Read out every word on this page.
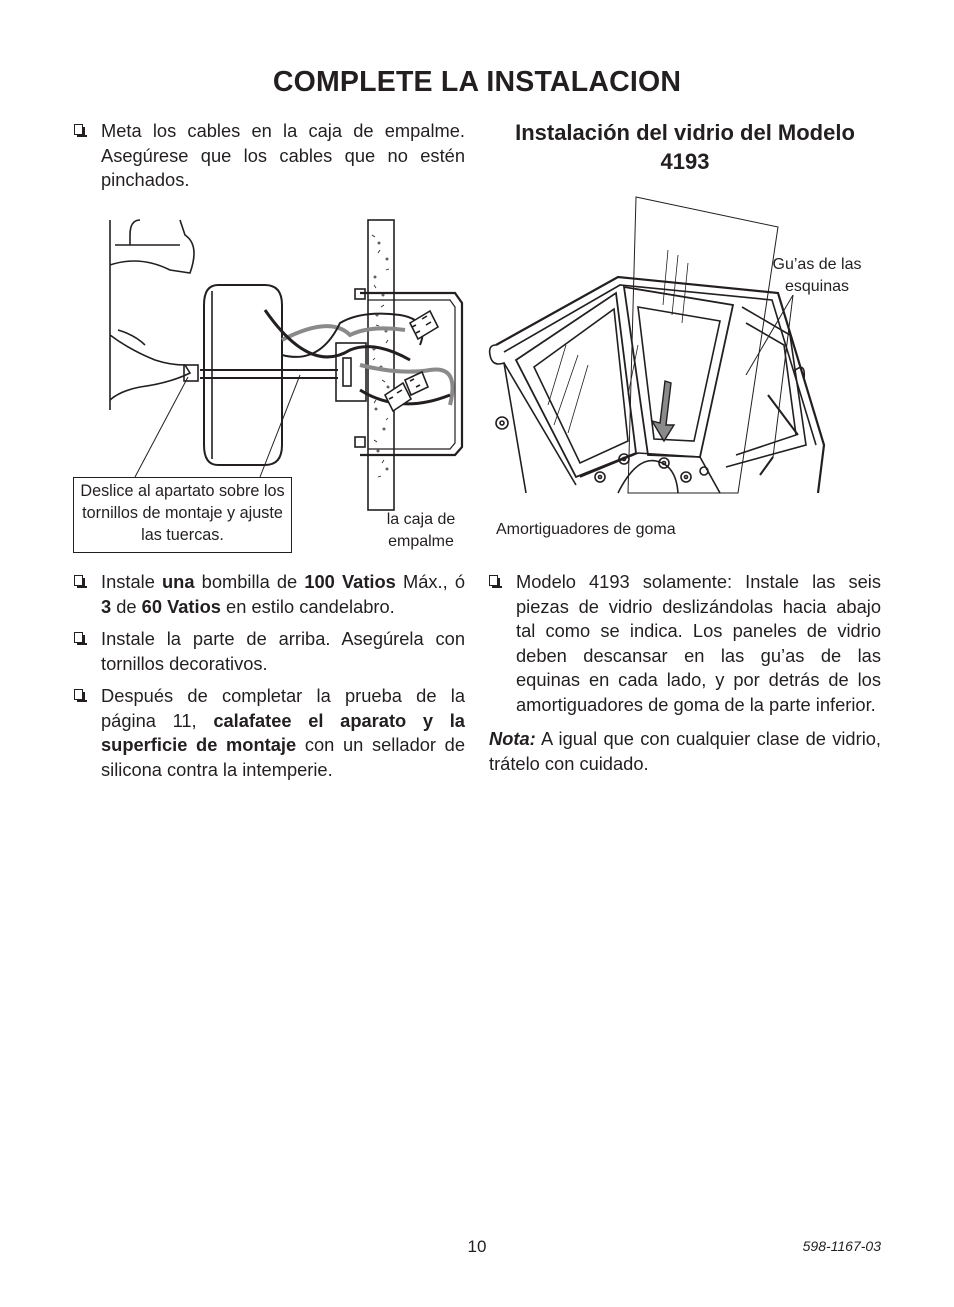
COMPLETE LA INSTALACION
Meta los cables en la caja de empalme. Asegúrese que los cables que no estén pinchados.
Deslice al apartato sobre los tornillos de montaje y ajuste las tuercas.
la caja de
empalme
Instale una bombilla de 100 Vatios Máx., ó 3 de 60 Vatios en estilo candelabro.
Instale la parte de arriba. Asegúrela con tornillos decorativos.
Después de completar la prueba de la página 11, calafatee el aparato y la superficie de montaje con un sellador de silicona contra la intemperie.
Instalación del vidrio del Modelo
4193
Gu’as de las
esquinas
Amortiguadores de goma
Modelo 4193 solamente: Instale las seis piezas de vidrio deslizándolas hacia abajo tal como se indica. Los paneles de vidrio deben descansar en las gu’as de las equinas en cada lado, y por detrás de los amortiguadores de goma de la parte inferior.
Nota: A igual que con cualquier clase de vidrio, trátelo con cuidado.
10	598-1167-03
